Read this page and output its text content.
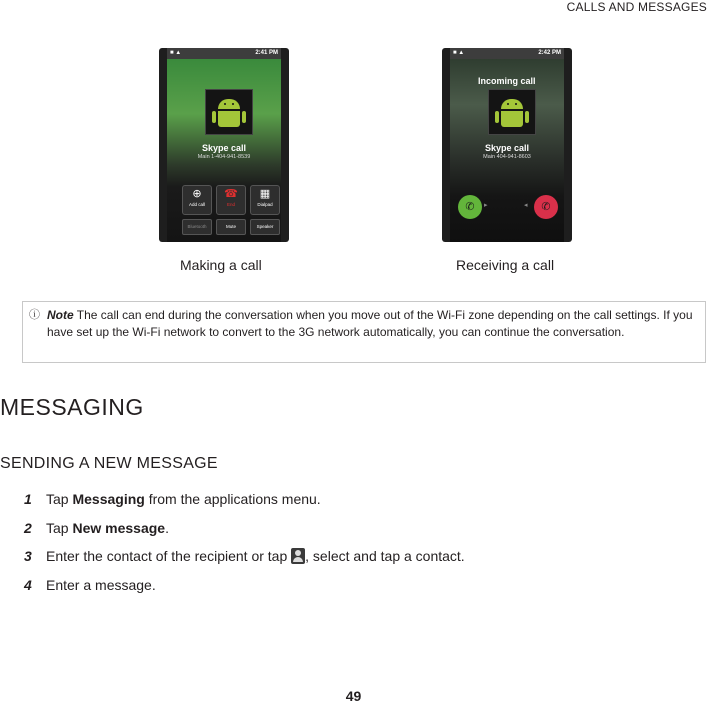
CALLS AND MESSAGES
■ ▲	2:41 PM
Skype call
Main 1-404-941-8539
⊕
Add call
☎
End
▦
Dialpad
Bluetooth	Mute	Speaker
■ ▲	2:42 PM
Incoming call
Skype call
Main 404-941-8603
✆	▸	◂	✆
Making a call	Receiving a call
ⓘ Note The call can end during the conversation when you move out of the Wi-Fi zone depending on the call settings. If you have set up the Wi-Fi network to convert to the 3G network automatically, you can continue the conversation.
MESSAGING
SENDING A NEW MESSAGE
1 Tap Messaging from the applications menu.
2 Tap New message.
3 Enter the contact of the recipient or tap , select and tap a contact.
4 Enter a message.
49
